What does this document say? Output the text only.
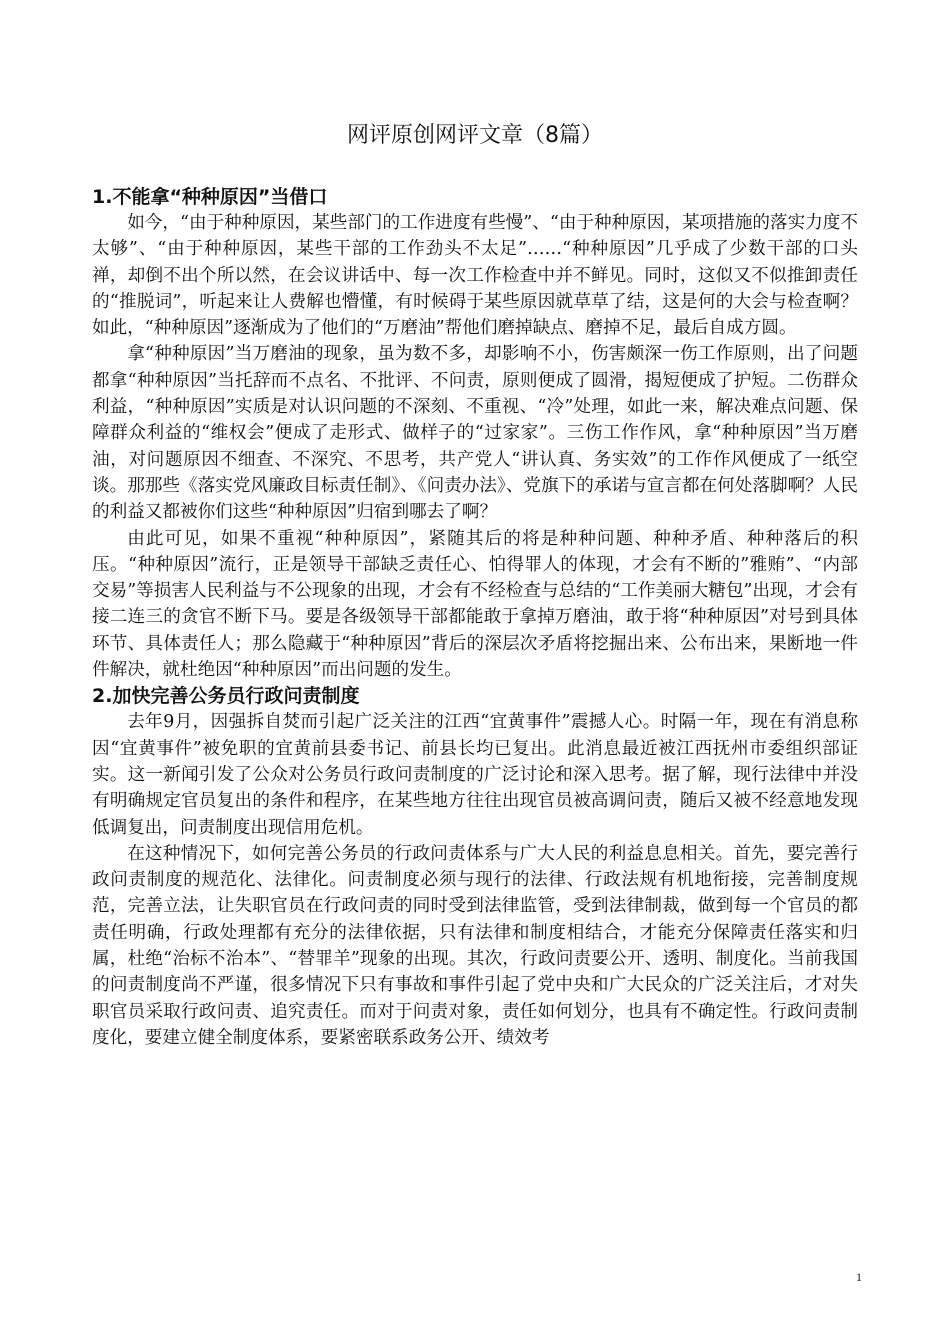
网评原创网评文章（8篇）
1.不能拿“种种原因”当借口

如今，“由于种种原因，某些部门的工作进度有些慢”、“由于种种原因，某项措施的落实力度不太够”、“由于种种原因，某些干部的工作劲头不太足”……“种种原因”几乎成了少数干部的口头禅，却倒不出个所以然，在会议讲话中、每一次工作检查中并不鲜见。同时，这似又不似推卸责任的“推脱词”，听起来让人费解也懵懂，有时候碍于某些原因就草草了结，这是何的大会与检查啊？如此，“种种原因”逐渐成为了他们的“万磨油”帮他们磨掉缺点、磨掉不足，最后自成方圆。

拿“种种原因”当万磨油的现象，虽为数不多，却影响不小，伤害颇深一伤工作原则，出了问题都拿“种种原因”当托辞而不点名、不批评、不问责，原则便成了圆滑，揭短便成了护短。二伤群众利益，“种种原因”实质是对认识问题的不深刻、不重视、“冷”处理，如此一来，解决难点问题、保障群众利益的“维权会”便成了走形式、做样子的“过家家”。三伤工作作风，拿“种种原因”当万磨油，对问题原因不细查、不深究、不思考，共产党人“讲认真、务实效”的工作作风便成了一纸空谈。那那些《落实党风廉政目标责任制》、《问责办法》、党旗下的承诺与宣言都在何处落脚啊？人民的利益又都被你们这些“种种原因”归宿到哪去了啊？

由此可见，如果不重视“种种原因”，紧随其后的将是种种问题、种种矛盾、种种落后的积压。“种种原因”流行，正是领导干部缺乏责任心、怕得罪人的体现，才会有不断的”雅贿”、“内部交易”等损害人民利益与不公现象的出现，才会有不经检查与总结的“工作美丽大糖包”出现，才会有接二连三的贪官不断下马。要是各级领导干部都能敢于拿掉万磨油，敢于将“种种原因”对号到具体环节、具体责任人；那么隐藏于“种种原因”背后的深层次矛盾将挖掘出来、公布出来，果断地一件件解决，就杜绝因“种种原因”而出问题的发生。

2.加快完善公务员行政问责制度

去年9月，因强拆自焚而引起广泛关注的江西“宜黄事件”震撼人心。时隔一年，现在有消息称因“宜黄事件”被免职的宜黄前县委书记、前县长均已复出。此消息最近被江西抚州市委组织部证实。这一新闻引发了公众对公务员行政问责制度的广泛讨论和深入思考。据了解，现行法律中并没有明确规定官员复出的条件和程序，在某些地方往往出现官员被高调问责，随后又被不经意地发现低调复出，问责制度出现信用危机。

在这种情况下，如何完善公务员的行政问责体系与广大人民的利益息息相关。首先，要完善行政问责制度的规范化、法律化。问责制度必须与现行的法律、行政法规有机地衔接，完善制度规范，完善立法，让失职官员在行政问责的同时受到法律监管，受到法律制裁，做到每一个官员的都责任明确，行政处理都有充分的法律依据，只有法律和制度相结合，才能充分保障责任落实和归属，杜绝“治标不治本”、“替罪羊”现象的出现。其次，行政问责要公开、透明、制度化。当前我国的问责制度尚不严谨，很多情况下只有事故和事件引起了党中央和广大民众的广泛关注后，才对失职官员采取行政问责、追究责任。而对于问责对象，责任如何划分，也具有不确定性。行政问责制度化，要建立健全制度体系，要紧密联系政务公开、绩效考

1
